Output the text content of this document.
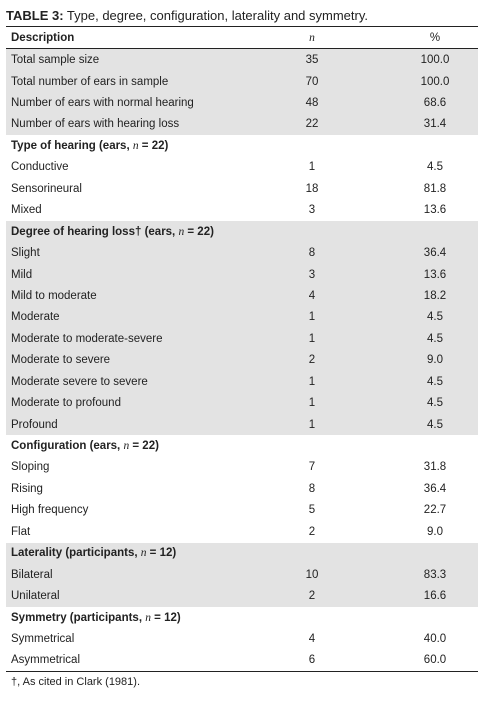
TABLE 3: Type, degree, configuration, laterality and symmetry.
Description	n	%
Total sample size	35	100.0
Total number of ears in sample	70	100.0
Number of ears with normal hearing	48	68.6
Number of ears with hearing loss	22	31.4
Type of hearing (ears, n = 22)		
Conductive	1	4.5
Sensorineural	18	81.8
Mixed	3	13.6
Degree of hearing loss† (ears, n = 22)		
Slight	8	36.4
Mild	3	13.6
Mild to moderate	4	18.2
Moderate	1	4.5
Moderate to moderate-severe	1	4.5
Moderate to severe	2	9.0
Moderate severe to severe	1	4.5
Moderate to profound	1	4.5
Profound	1	4.5
Configuration (ears, n = 22)		
Sloping	7	31.8
Rising	8	36.4
High frequency	5	22.7
Flat	2	9.0
Laterality (participants, n = 12)		
Bilateral	10	83.3
Unilateral	2	16.6
Symmetry (participants, n = 12)		
Symmetrical	4	40.0
Asymmetrical	6	60.0
†, As cited in Clark (1981).
